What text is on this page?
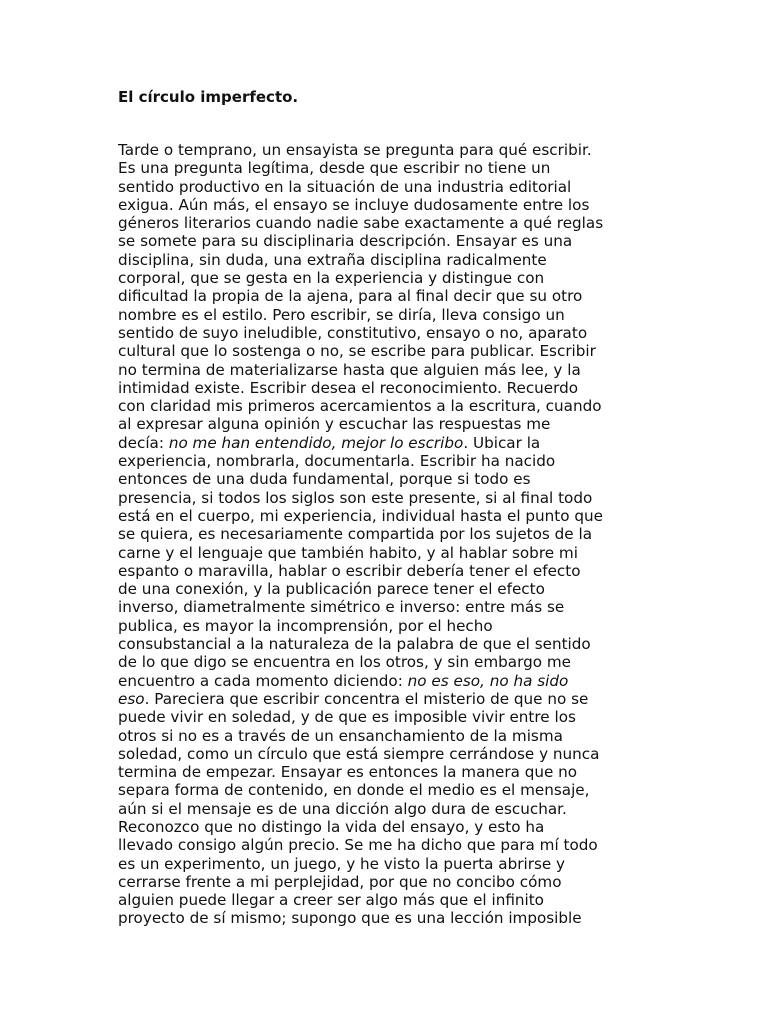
El círculo imperfecto.
Tarde o temprano, un ensayista se pregunta para qué escribir.
Es una pregunta legítima, desde que escribir no tiene un
sentido productivo en la situación de una industria editorial
exigua. Aún más, el ensayo se incluye dudosamente entre los
géneros literarios cuando nadie sabe exactamente a qué reglas
se somete para su disciplinaria descripción. Ensayar es una
disciplina, sin duda, una extraña disciplina radicalmente
corporal, que se gesta en la experiencia y distingue con
dificultad la propia de la ajena, para al final decir que su otro
nombre es el estilo. Pero escribir, se diría, lleva consigo un
sentido de suyo ineludible, constitutivo, ensayo o no, aparato
cultural que lo sostenga o no, se escribe para publicar. Escribir
no termina de materializarse hasta que alguien más lee, y la
intimidad existe. Escribir desea el reconocimiento. Recuerdo
con claridad mis primeros acercamientos a la escritura, cuando
al expresar alguna opinión y escuchar las respuestas me
decía: no me han entendido, mejor lo escribo. Ubicar la
experiencia, nombrarla, documentarla. Escribir ha nacido
entonces de una duda fundamental, porque si todo es
presencia, si todos los siglos son este presente, si al final todo
está en el cuerpo, mi experiencia, individual hasta el punto que
se quiera, es necesariamente compartida por los sujetos de la
carne y el lenguaje que también habito, y al hablar sobre mi
espanto o maravilla, hablar o escribir debería tener el efecto
de una conexión, y la publicación parece tener el efecto
inverso, diametralmente simétrico e inverso: entre más se
publica, es mayor la incomprensión, por el hecho
consubstancial a la naturaleza de la palabra de que el sentido
de lo que digo se encuentra en los otros, y sin embargo me
encuentro a cada momento diciendo: no es eso, no ha sido
eso. Pareciera que escribir concentra el misterio de que no se
puede vivir en soledad, y de que es imposible vivir entre los
otros si no es a través de un ensanchamiento de la misma
soledad, como un círculo que está siempre cerrándose y nunca
termina de empezar. Ensayar es entonces la manera que no
separa forma de contenido, en donde el medio es el mensaje,
aún si el mensaje es de una dicción algo dura de escuchar.
Reconozco que no distingo la vida del ensayo, y esto ha
llevado consigo algún precio. Se me ha dicho que para mí todo
es un experimento, un juego, y he visto la puerta abrirse y
cerrarse frente a mi perplejidad, por que no concibo cómo
alguien puede llegar a creer ser algo más que el infinito
proyecto de sí mismo; supongo que es una lección imposible
